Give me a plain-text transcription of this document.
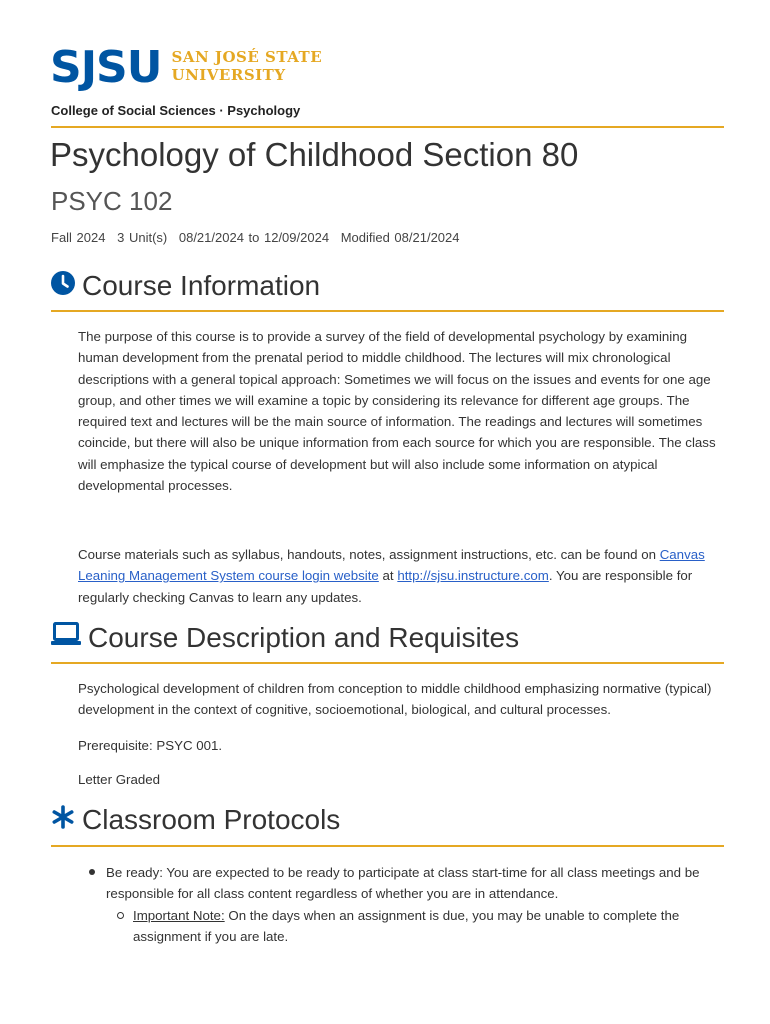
SJSU SAN JOSÉ STATE
UNIVERSITY
College of Social Sciences · Psychology
Psychology of Childhood Section 80
PSYC 102
Fall 2024 3 Unit(s) 08/21/2024 to 12/09/2024 Modified 08/21/2024
Course Information

The purpose of this course is to provide a survey of the field of developmental psychology by examining human development from the prenatal period to middle childhood. The lectures will mix chronological descriptions with a general topical approach: Sometimes we will focus on the issues and events for one age group, and other times we will examine a topic by considering its relevance for different age groups. The required text and lectures will be the main source of information. The readings and lectures will sometimes coincide, but there will also be unique information from each source for which you are responsible. The class will emphasize the typical course of development but will also include some information on atypical developmental processes.

Course materials such as syllabus, handouts, notes, assignment instructions, etc. can be found on Canvas Leaning Management System course login website at http://sjsu.instructure.com. You are responsible for regularly checking Canvas to learn any updates.

Course Description and Requisites

Psychological development of children from conception to middle childhood emphasizing normative (typical) development in the context of cognitive, socioemotional, biological, and cultural processes.

Prerequisite: PSYC 001.

Letter Graded

Classroom Protocols
Be ready: You are expected to be ready to participate at class start-time for all class meetings and be responsible for all class content regardless of whether you are in attendance.
Important Note: On the days when an assignment is due, you may be unable to complete the assignment if you are late.
